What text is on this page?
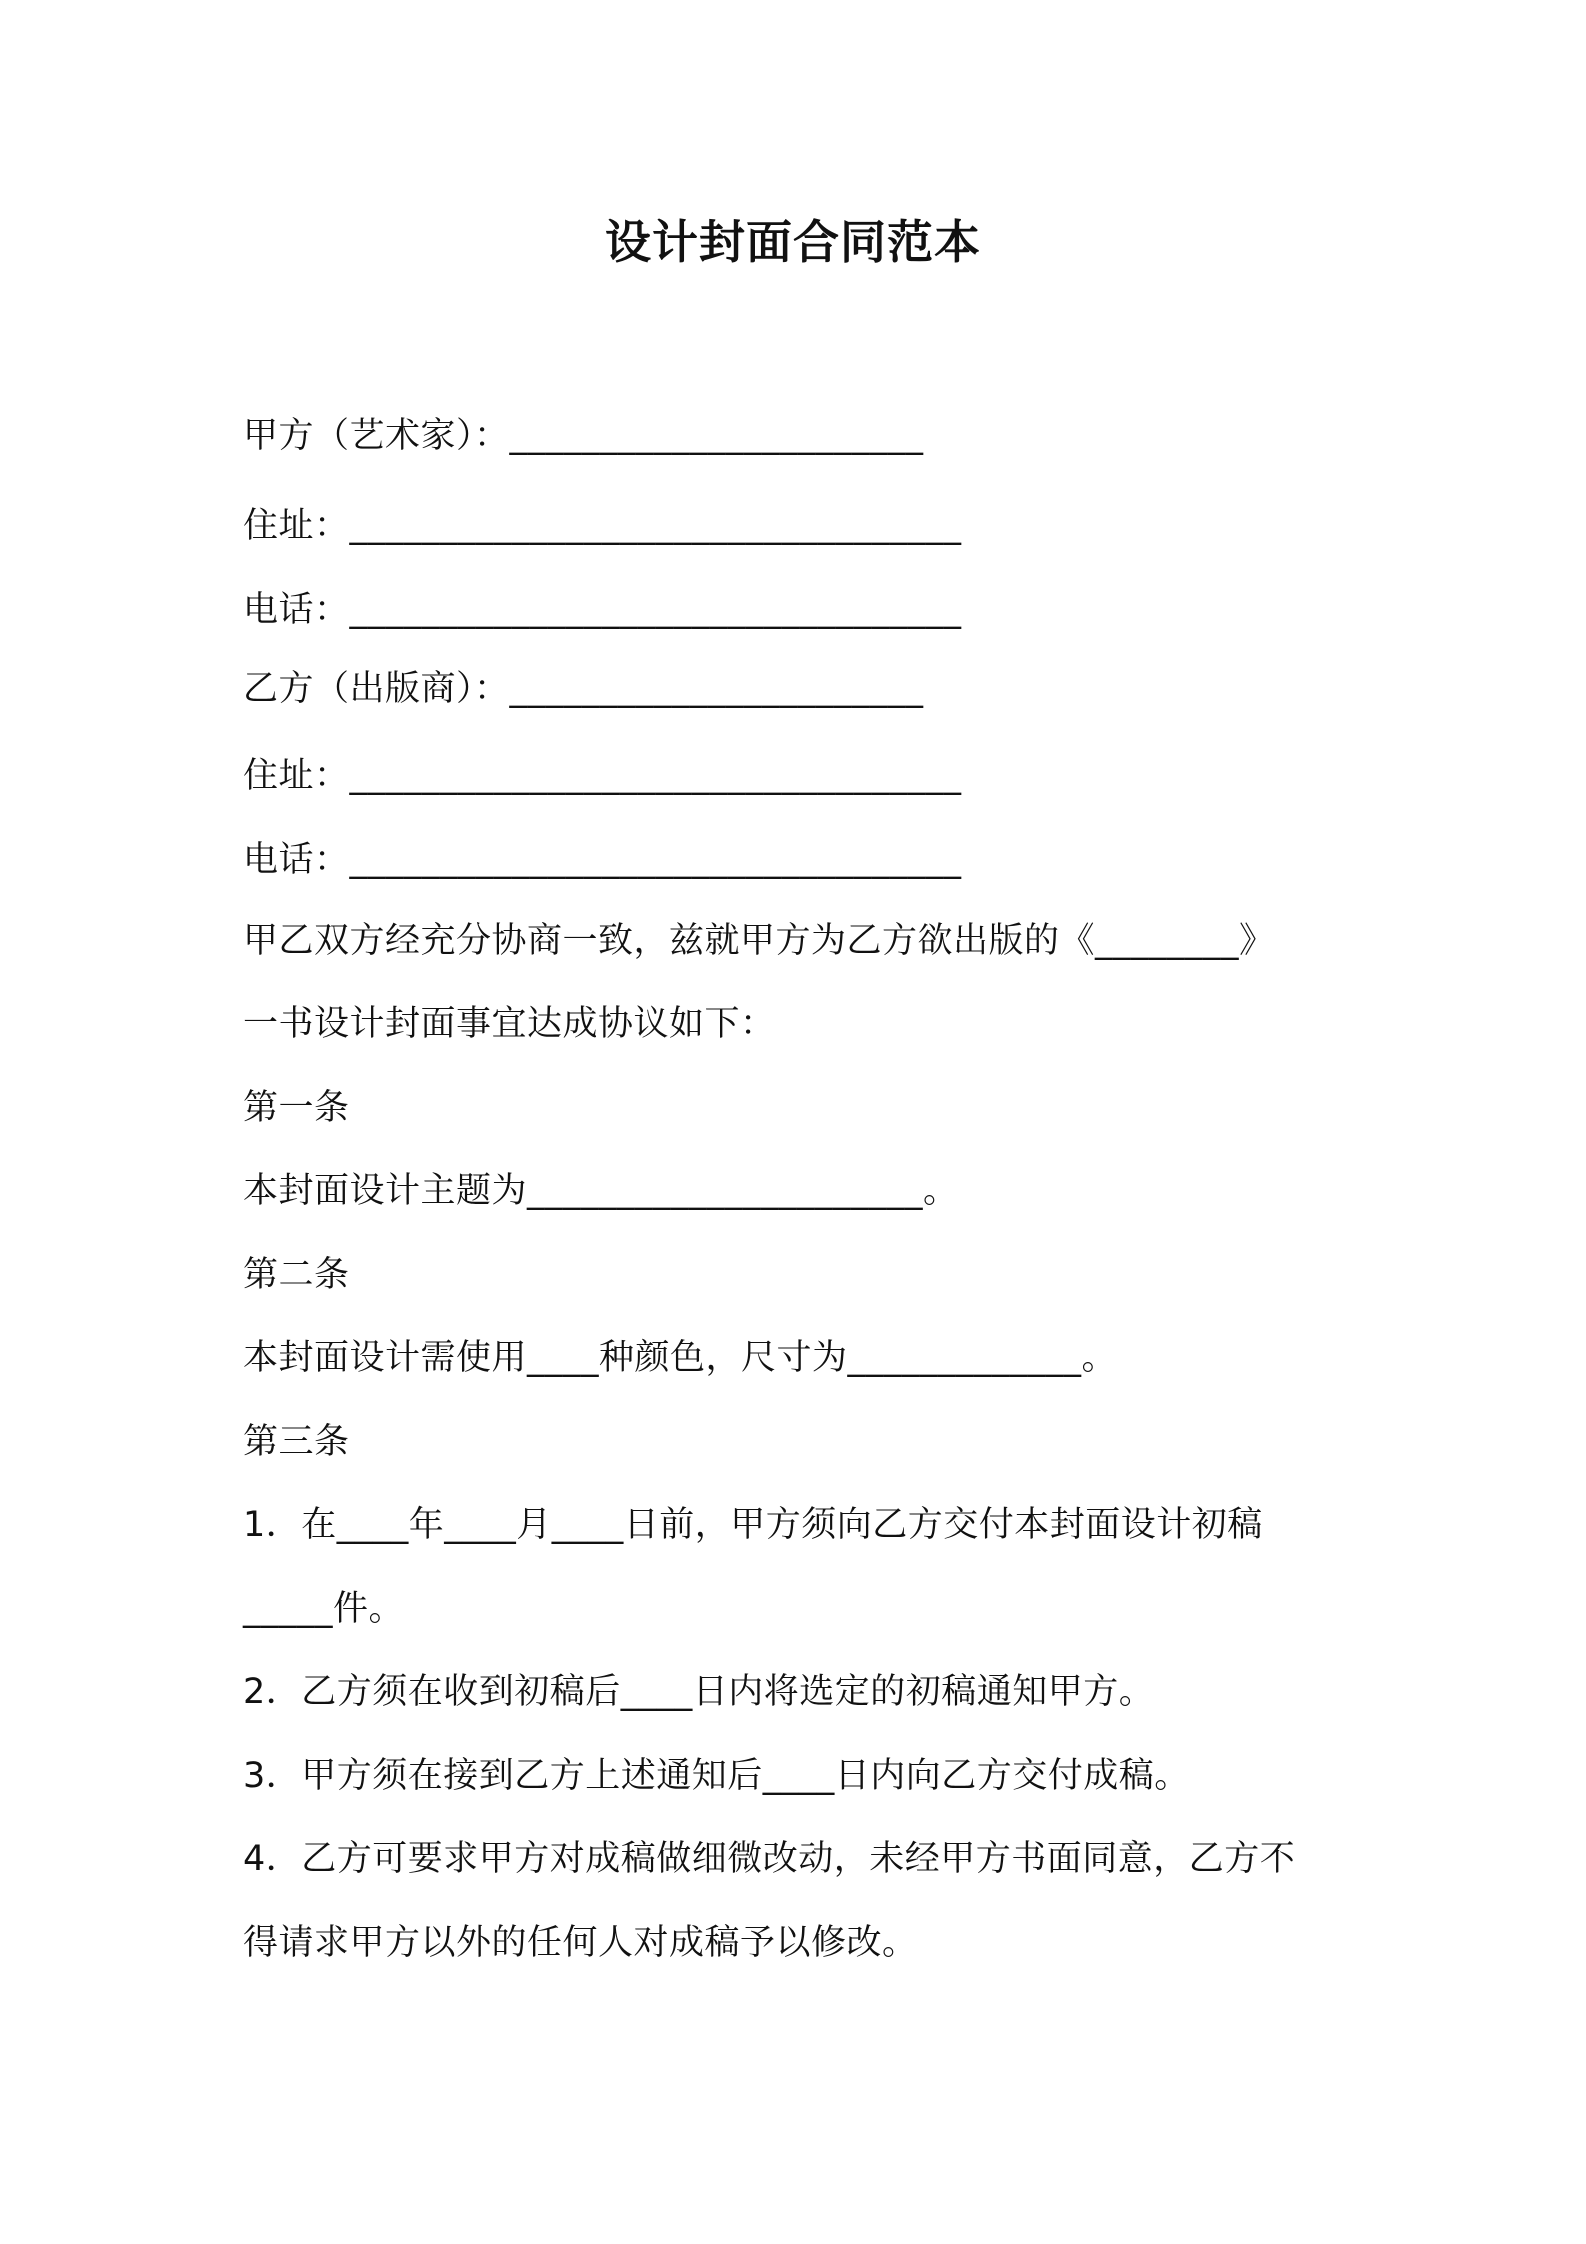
设计封面合同范本
甲方（艺术家）：_______________________
住址：__________________________________
电话：__________________________________
乙方（出版商）：_______________________
住址：__________________________________
电话：__________________________________
甲乙双方经充分协商一致，兹就甲方为乙方欲出版的《________》
一书设计封面事宜达成协议如下：
第一条
本封面设计主题为______________________。
第二条
本封面设计需使用____种颜色，尺寸为_____________。
第三条
1．在____年____月____日前，甲方须向乙方交付本封面设计初稿
_____件。
2．乙方须在收到初稿后____日内将选定的初稿通知甲方。
3．甲方须在接到乙方上述通知后____日内向乙方交付成稿。
4．乙方可要求甲方对成稿做细微改动，未经甲方书面同意，乙方不
得请求甲方以外的任何人对成稿予以修改。
